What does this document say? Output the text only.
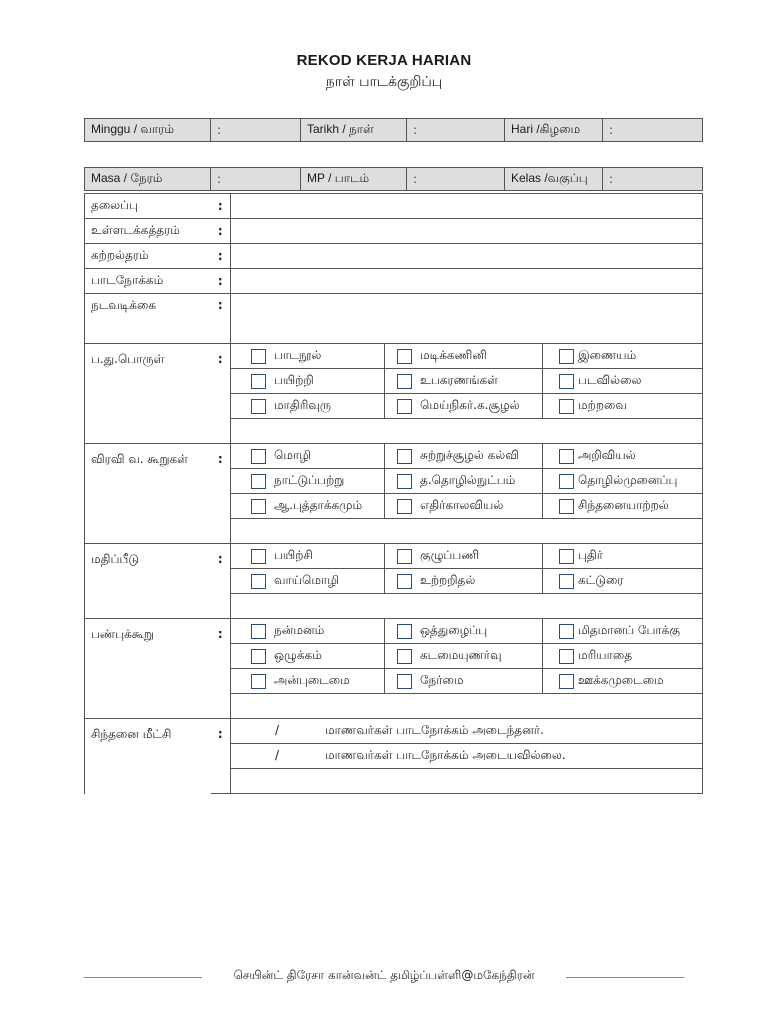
REKOD KERJA HARIAN
நாள் பாடக்குறிப்பு
Minggu / வாரம்	:	Tarikh / நாள்	:	Hari /கிழமை	:
Masa / நேரம்	:	MP / பாடம்	:	Kelas /வகுப்பு	:
தலைப்பு	:			
உள்ளடக்கத்தரம்	:			
கற்றல்தரம்	:			
பாடநோக்கம்	:			
நடவடிக்கை	:			
ப.து.பொருள்	:	பாடநூல்	மடிக்கணினி	இணையம்

		பயிற்றி	உபகரணங்கள்	படவில்லை

		மாதிரிவுரு	மெய்நிகர்.க.சூழல்	மற்றவை

விரவி வ. கூறுகள்	:	மொழி	சுற்றுச்சூழல் கல்வி	அறிவியல்

		நாட்டுப்பற்று	த.தொழில்நுட்பம்	தொழில்முனைப்பு

		ஆ.புத்தாக்கமும்	எதிர்காலவியல்	சிந்தனையாற்றல்

மதிப்பீடு	:	பயிற்சி	குழுப்பணி	புதிர்

		வாய்மொழி	உற்றறிதல்	கட்டுரை

பண்புக்கூறு	:	நன்மனம்	ஒத்துழைப்பு	மிதமானப் போக்கு

		ஒழுக்கம்	கடமையுணர்வு	மரியாதை

		அன்புடைமை	நேர்மை	ஊக்கமுடைமை

சிந்தனை மீட்சி	:	/ மாணவர்கள் பாடநோக்கம் அடைந்தனர்.		
		/ மாணவர்கள் பாடநோக்கம் அடையவில்லை.		

செயின்ட் திரேசா கான்வன்ட் தமிழ்ப்பள்ளி@மகேந்திரன்
